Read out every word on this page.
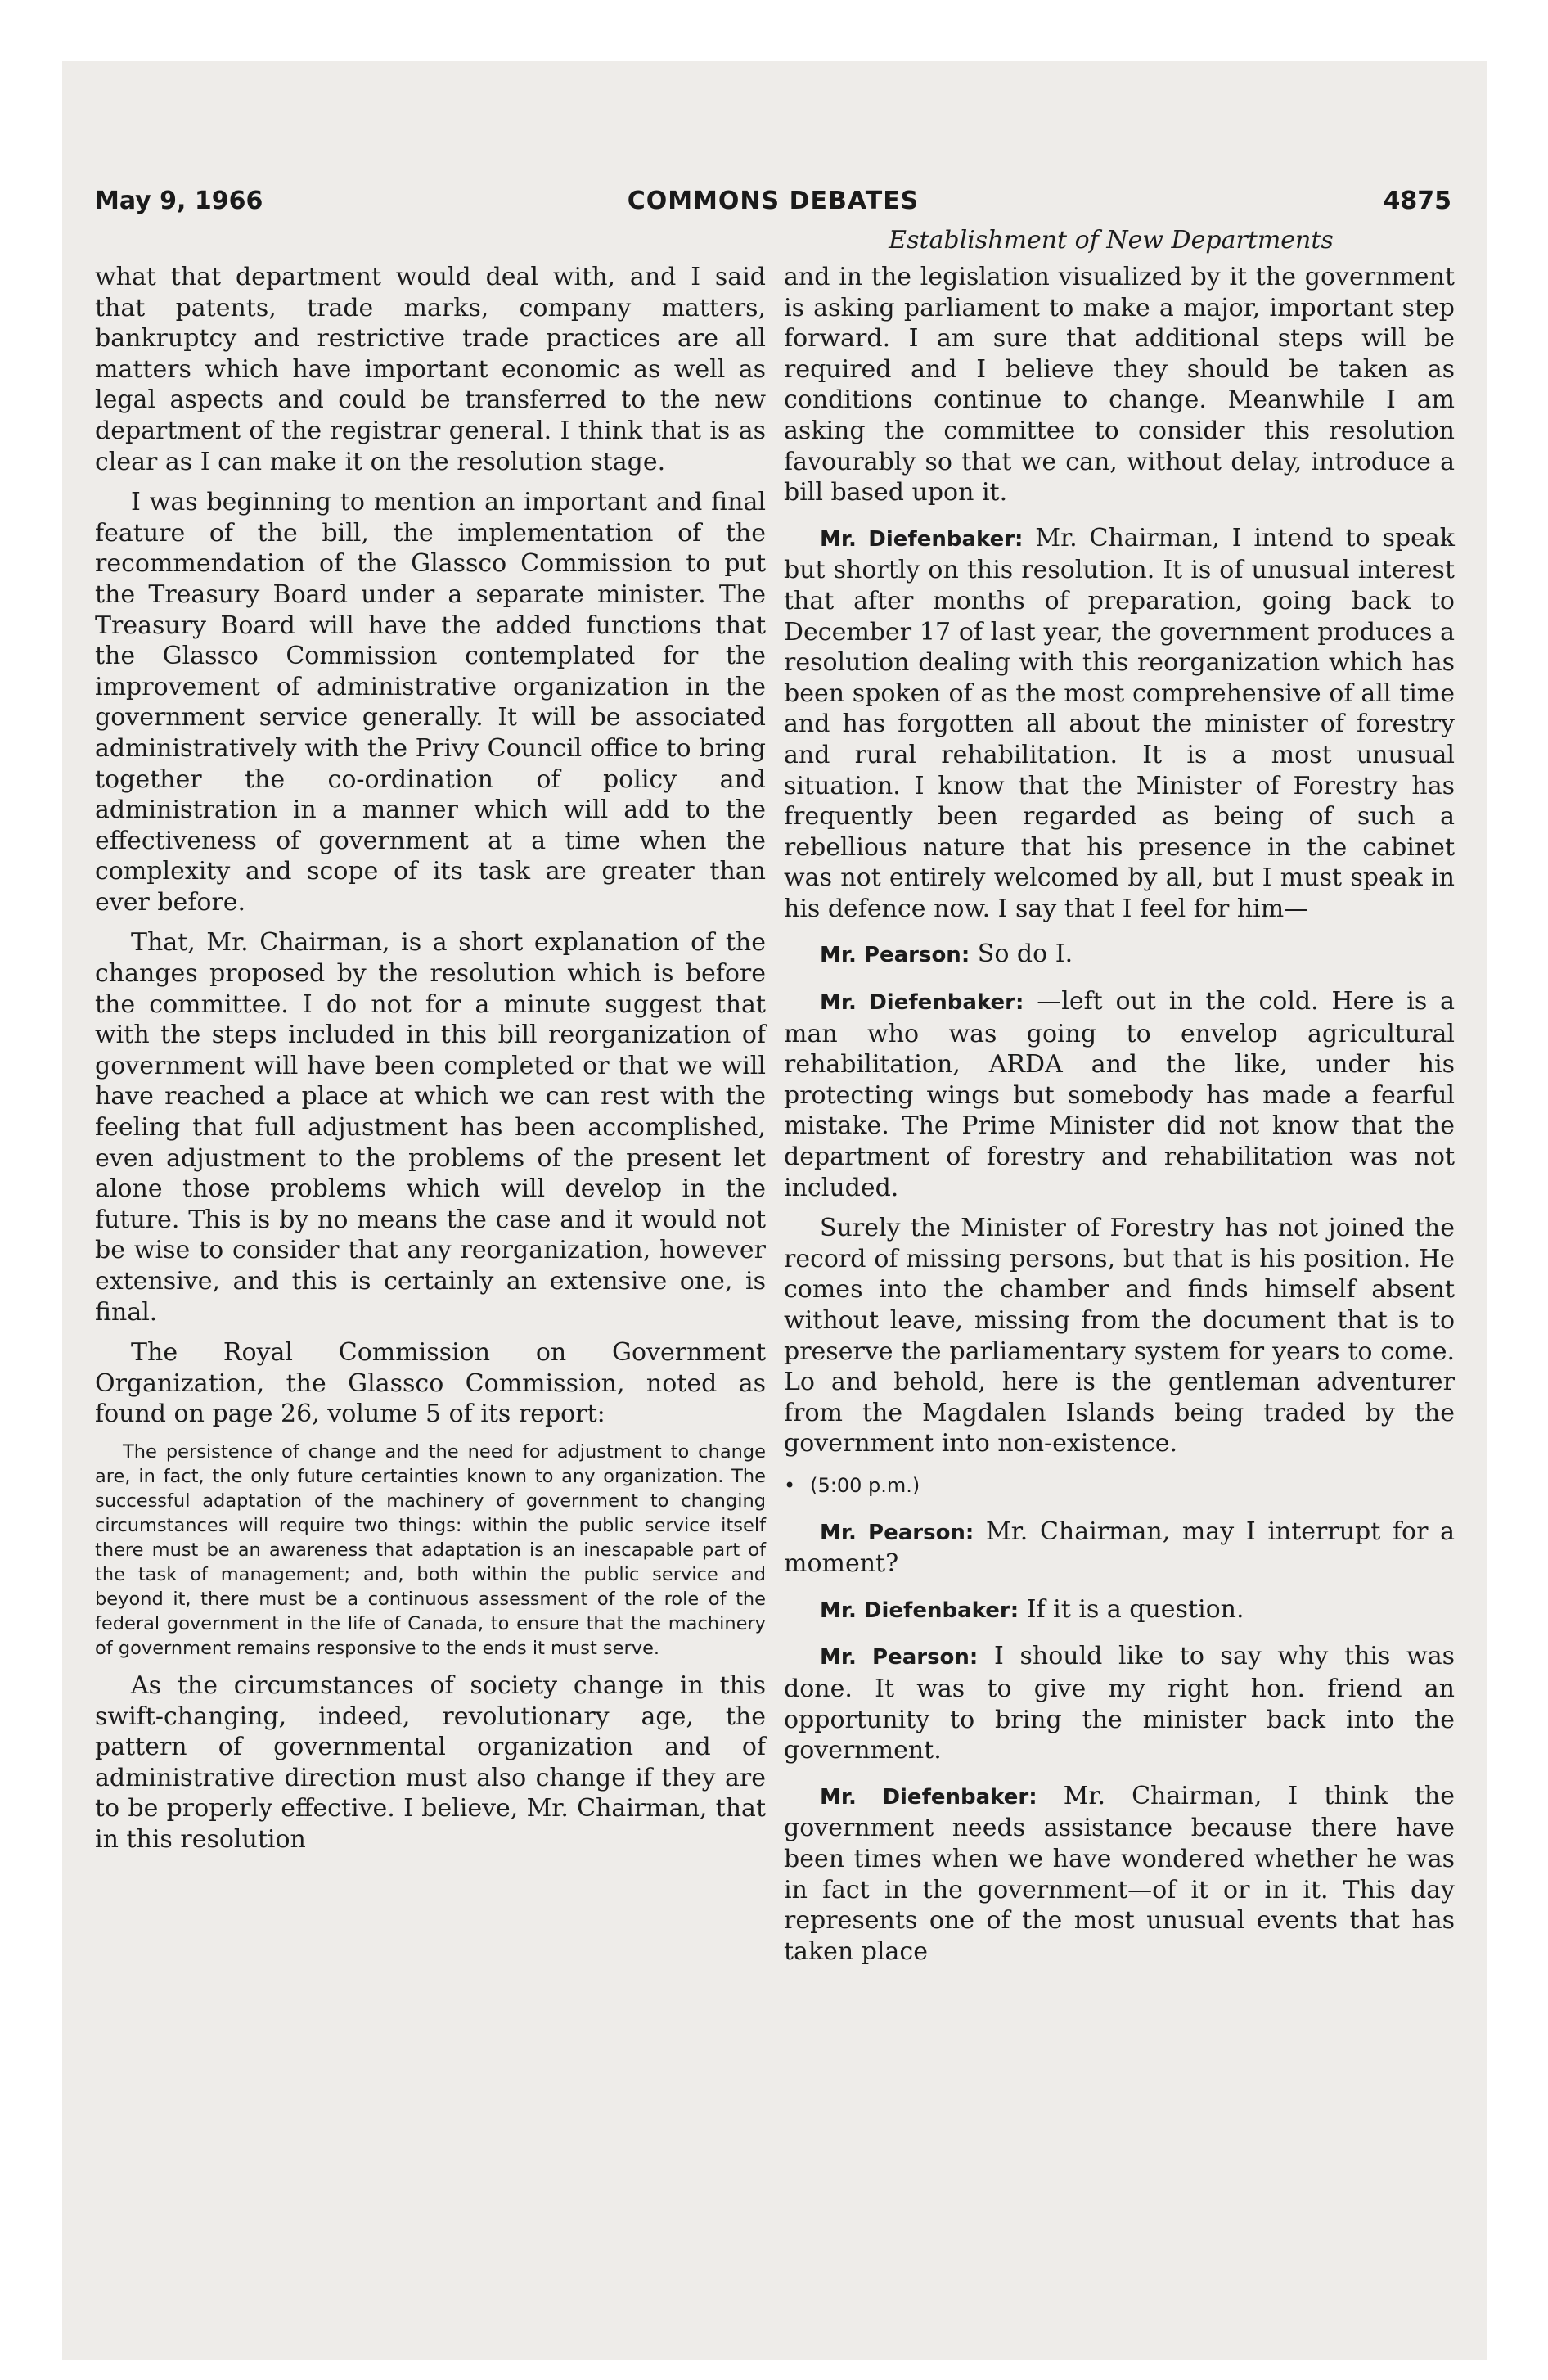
May 9, 1966	COMMONS DEBATES	4875
Establishment of New Departments

what that department would deal with, and I said that patents, trade marks, company matters, bankruptcy and restrictive trade practices are all matters which have important economic as well as legal aspects and could be transferred to the new department of the registrar general. I think that is as clear as I can make it on the resolution stage.

I was beginning to mention an important and final feature of the bill, the implementation of the recommendation of the Glassco Commission to put the Treasury Board under a separate minister. The Treasury Board will have the added functions that the Glassco Commission contemplated for the improvement of administrative organization in the government service generally. It will be associated administratively with the Privy Council office to bring together the co-ordination of policy and administration in a manner which will add to the effectiveness of government at a time when the complexity and scope of its task are greater than ever before.

That, Mr. Chairman, is a short explanation of the changes proposed by the resolution which is before the committee. I do not for a minute suggest that with the steps included in this bill reorganization of government will have been completed or that we will have reached a place at which we can rest with the feeling that full adjustment has been accomplished, even adjustment to the problems of the present let alone those problems which will develop in the future. This is by no means the case and it would not be wise to consider that any reorganization, however extensive, and this is certainly an extensive one, is final.

The Royal Commission on Government Organization, the Glassco Commission, noted as found on page 26, volume 5 of its report:

The persistence of change and the need for adjustment to change are, in fact, the only future certainties known to any organization. The successful adaptation of the machinery of government to changing circumstances will require two things: within the public service itself there must be an awareness that adaptation is an inescapable part of the task of management; and, both within the public service and beyond it, there must be a continuous assessment of the role of the federal government in the life of Canada, to ensure that the machinery of government remains responsive to the ends it must serve.

As the circumstances of society change in this swift-changing, indeed, revolutionary age, the pattern of governmental organization and of administrative direction must also change if they are to be properly effective. I believe, Mr. Chairman, that in this resolution

and in the legislation visualized by it the government is asking parliament to make a major, important step forward. I am sure that additional steps will be required and I believe they should be taken as conditions continue to change. Meanwhile I am asking the committee to consider this resolution favourably so that we can, without delay, introduce a bill based upon it.

Mr. Diefenbaker: Mr. Chairman, I intend to speak but shortly on this resolution. It is of unusual interest that after months of preparation, going back to December 17 of last year, the government produces a resolution dealing with this reorganization which has been spoken of as the most comprehensive of all time and has forgotten all about the minister of forestry and rural rehabilitation. It is a most unusual situation. I know that the Minister of Forestry has frequently been regarded as being of such a rebellious nature that his presence in the cabinet was not entirely welcomed by all, but I must speak in his defence now. I say that I feel for him—

Mr. Pearson: So do I.

Mr. Diefenbaker: —left out in the cold. Here is a man who was going to envelop agricultural rehabilitation, ARDA and the like, under his protecting wings but somebody has made a fearful mistake. The Prime Minister did not know that the department of forestry and rehabilitation was not included.

Surely the Minister of Forestry has not joined the record of missing persons, but that is his position. He comes into the chamber and finds himself absent without leave, missing from the document that is to preserve the parliamentary system for years to come. Lo and behold, here is the gentleman adventurer from the Magdalen Islands being traded by the government into non-existence.

• (5:00 p.m.)

Mr. Pearson: Mr. Chairman, may I interrupt for a moment?

Mr. Diefenbaker: If it is a question.

Mr. Pearson: I should like to say why this was done. It was to give my right hon. friend an opportunity to bring the minister back into the government.

Mr. Diefenbaker: Mr. Chairman, I think the government needs assistance because there have been times when we have wondered whether he was in fact in the government—of it or in it. This day represents one of the most unusual events that has taken place
